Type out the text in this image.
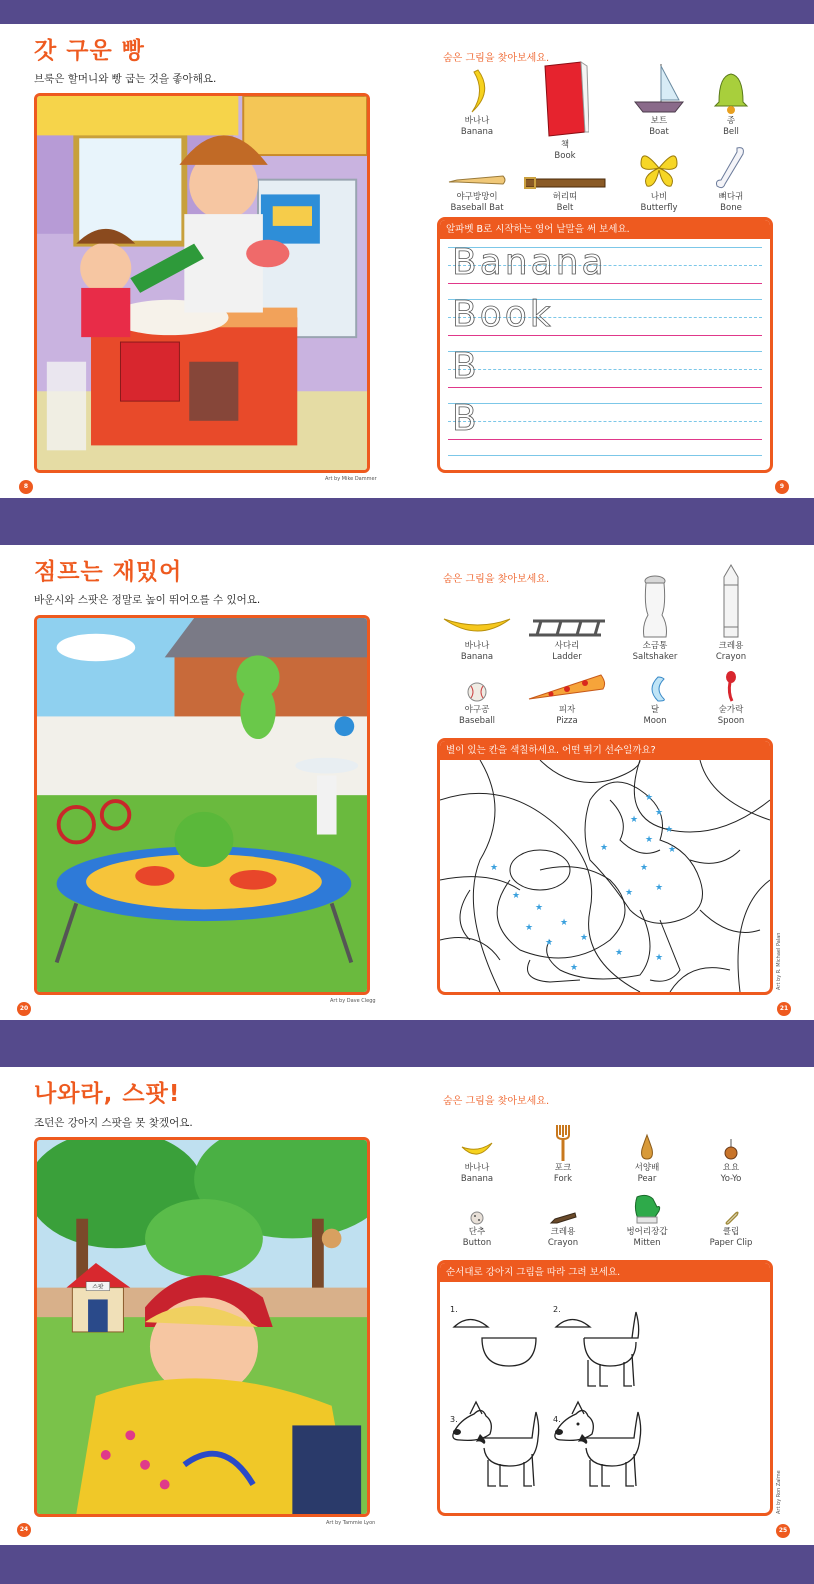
갓 구운 빵
브룩은 할머니와 빵 굽는 것을 좋아해요.
8
Art by Mike Dammer
숨은 그림을 찾아보세요.
바나나
Banana
책
Book
보트
Boat
종
Bell
야구방망이
Baseball Bat
허리띠
Belt
나비
Butterfly
뼈다귀
Bone
알파벳 B로 시작하는 영어 낱말을 써 보세요.
Banana
Book
B
B
9
점프는 재밌어
바운시와 스팟은 정말로 높이 뛰어오를 수 있어요.
20
Art by Dave Clegg
숨은 그림을 찾아보세요.
바나나
Banana
사다리
Ladder
소금통
Saltshaker
크레용
Crayon
야구공
Baseball
피자
Pizza
달
Moon
숟가락
Spoon
별이 있는 칸을 색칠하세요. 어떤 뛰기 선수일까요?
★
★
★
★
★
★
★
★
★
★
★
★
★
★
★
★
★
★
★
★	Art by R. Michael Palan
21
나와라, 스팟!
조던은 강아지 스팟을 못 찾겠어요.
스팟
24
Art by Tammie Lyon
숨은 그림을 찾아보세요.
바나나
Banana
포크
Fork
서양배
Pear
요요
Yo-Yo
단추
Button
크레용
Crayon
벙어리장갑
Mitten
클립
Paper Clip
순서대로 강아지 그림을 따라 그려 보세요.
1.	2.
3.	4.
Art by Ron Zalme
25
